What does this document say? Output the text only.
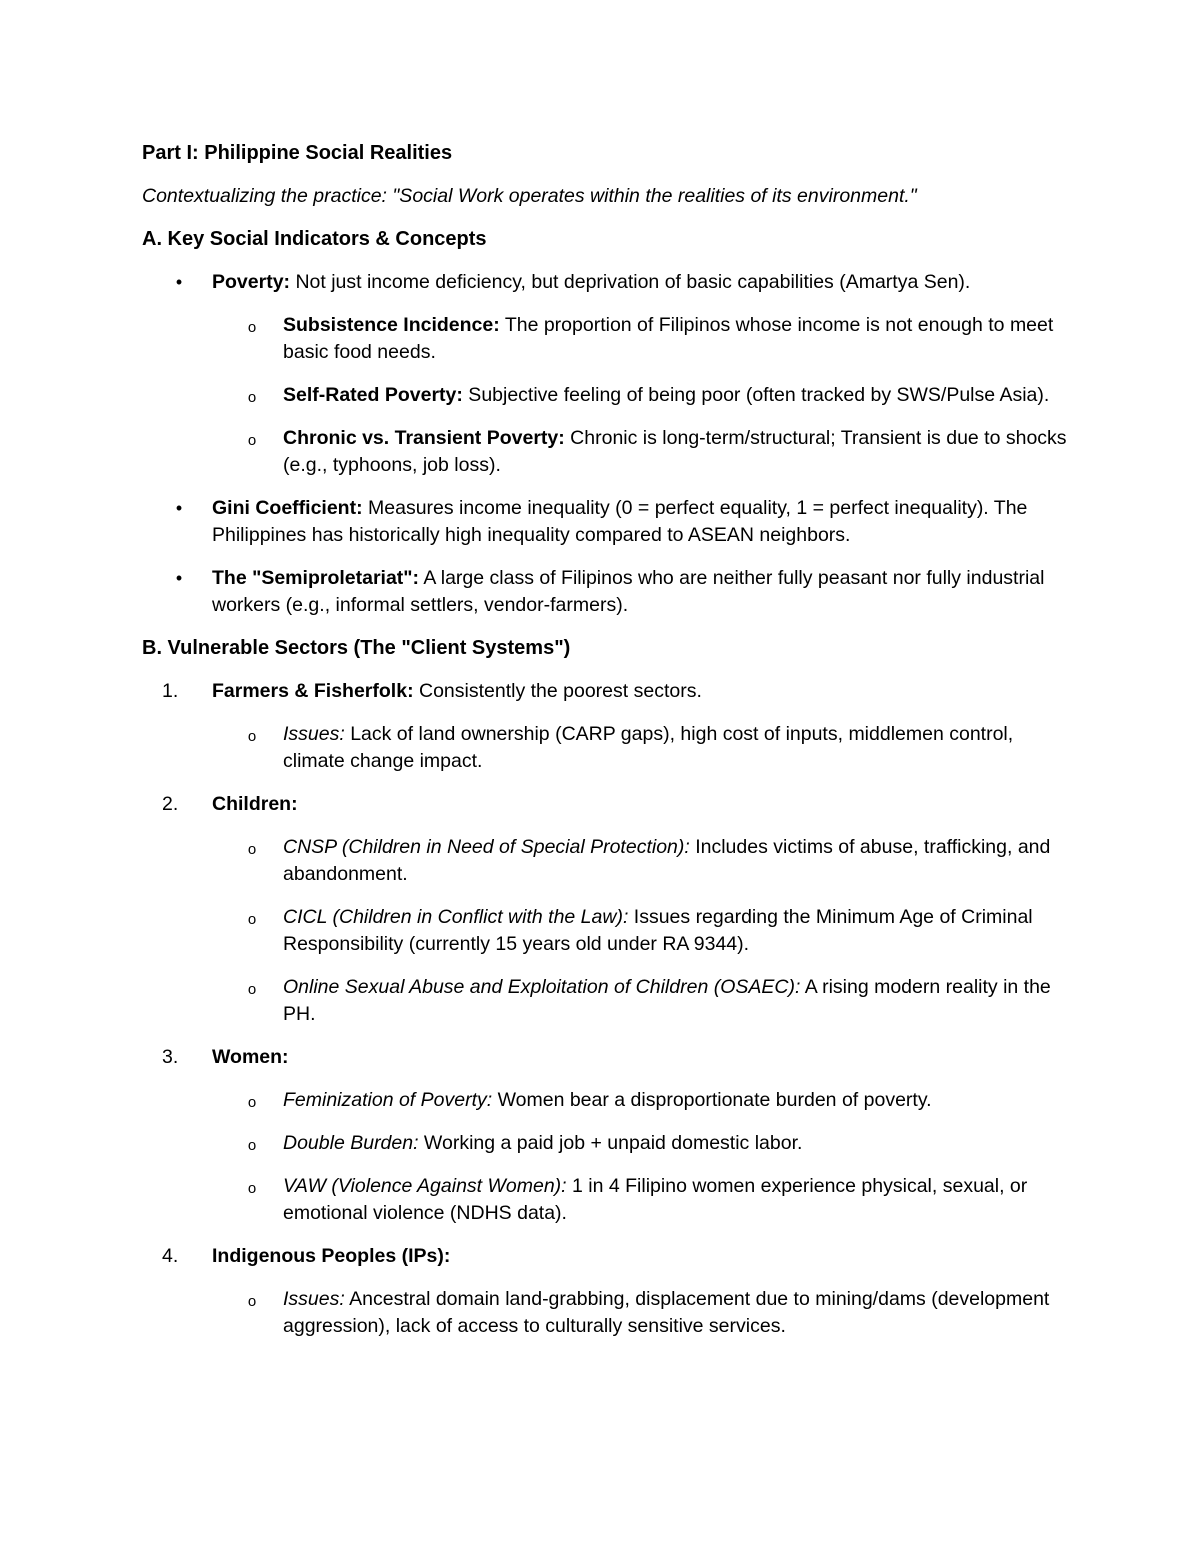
Part I: Philippine Social Realities
Contextualizing the practice: "Social Work operates within the realities of its environment."
A. Key Social Indicators & Concepts
• Poverty: Not just income deficiency, but deprivation of basic capabilities (Amartya Sen).
o Subsistence Incidence: The proportion of Filipinos whose income is not enough to meet basic food needs.
o Self-Rated Poverty: Subjective feeling of being poor (often tracked by SWS/Pulse Asia).
o Chronic vs. Transient Poverty: Chronic is long-term/structural; Transient is due to shocks (e.g., typhoons, job loss).
• Gini Coefficient: Measures income inequality (0 = perfect equality, 1 = perfect inequality). The Philippines has historically high inequality compared to ASEAN neighbors.
• The "Semiproletariat": A large class of Filipinos who are neither fully peasant nor fully industrial workers (e.g., informal settlers, vendor-farmers).
B. Vulnerable Sectors (The "Client Systems")
1.	Farmers & Fisherfolk: Consistently the poorest sectors.
o Issues: Lack of land ownership (CARP gaps), high cost of inputs, middlemen control, climate change impact.
2.	Children:
o CNSP (Children in Need of Special Protection): Includes victims of abuse, trafficking, and abandonment.
o CICL (Children in Conflict with the Law): Issues regarding the Minimum Age of Criminal Responsibility (currently 15 years old under RA 9344).
o Online Sexual Abuse and Exploitation of Children (OSAEC): A rising modern reality in the PH.
3.	Women:
o Feminization of Poverty: Women bear a disproportionate burden of poverty.
o Double Burden: Working a paid job + unpaid domestic labor.
o VAW (Violence Against Women): 1 in 4 Filipino women experience physical, sexual, or emotional violence (NDHS data).
4.	Indigenous Peoples (IPs):
o Issues: Ancestral domain land-grabbing, displacement due to mining/dams (development aggression), lack of access to culturally sensitive services.
